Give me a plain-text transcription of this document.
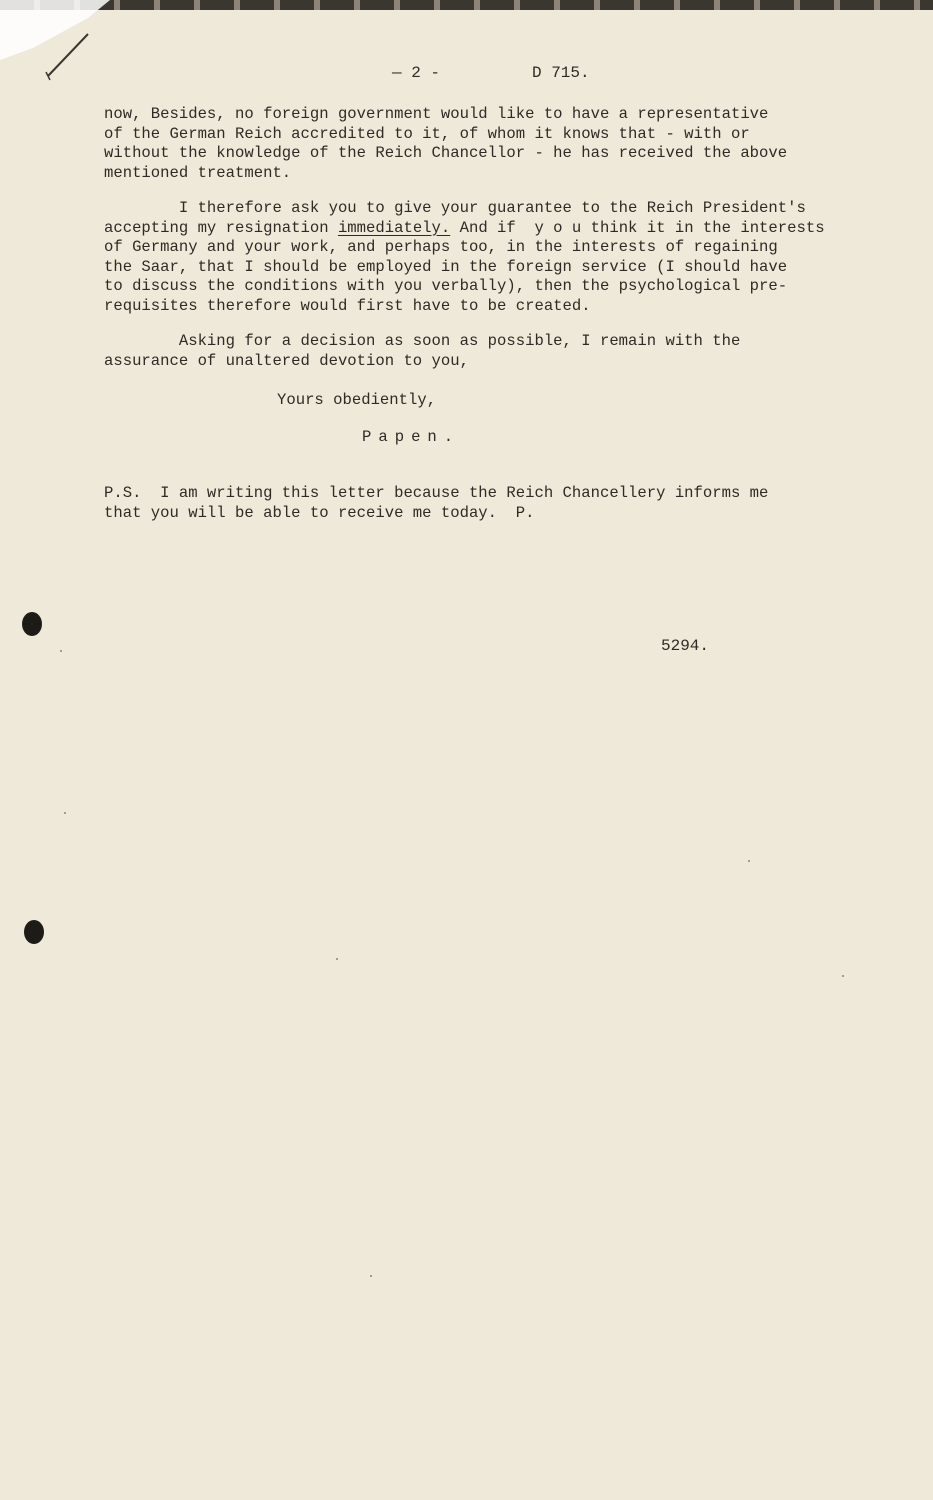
— 2 -	D 715.
now, Besides, no foreign government would like to have a representative
of the German Reich accredited to it, of whom it knows that - with or
without the knowledge of the Reich Chancellor - he has received the above
mentioned treatment.
I therefore ask you to give your guarantee to the Reich President's
accepting my resignation immediately. And if  y o u think it in the interests
of Germany and your work, and perhaps too, in the interests of regaining
the Saar, that I should be employed in the foreign service (I should have
to discuss the conditions with you verbally), then the psychological pre-
requisites therefore would first have to be created.
Asking for a decision as soon as possible, I remain with the
assurance of unaltered devotion to you,
Yours obediently,
Papen.
P.S.  I am writing this letter because the Reich Chancellery informs me
that you will be able to receive me today.  P.
5294.
